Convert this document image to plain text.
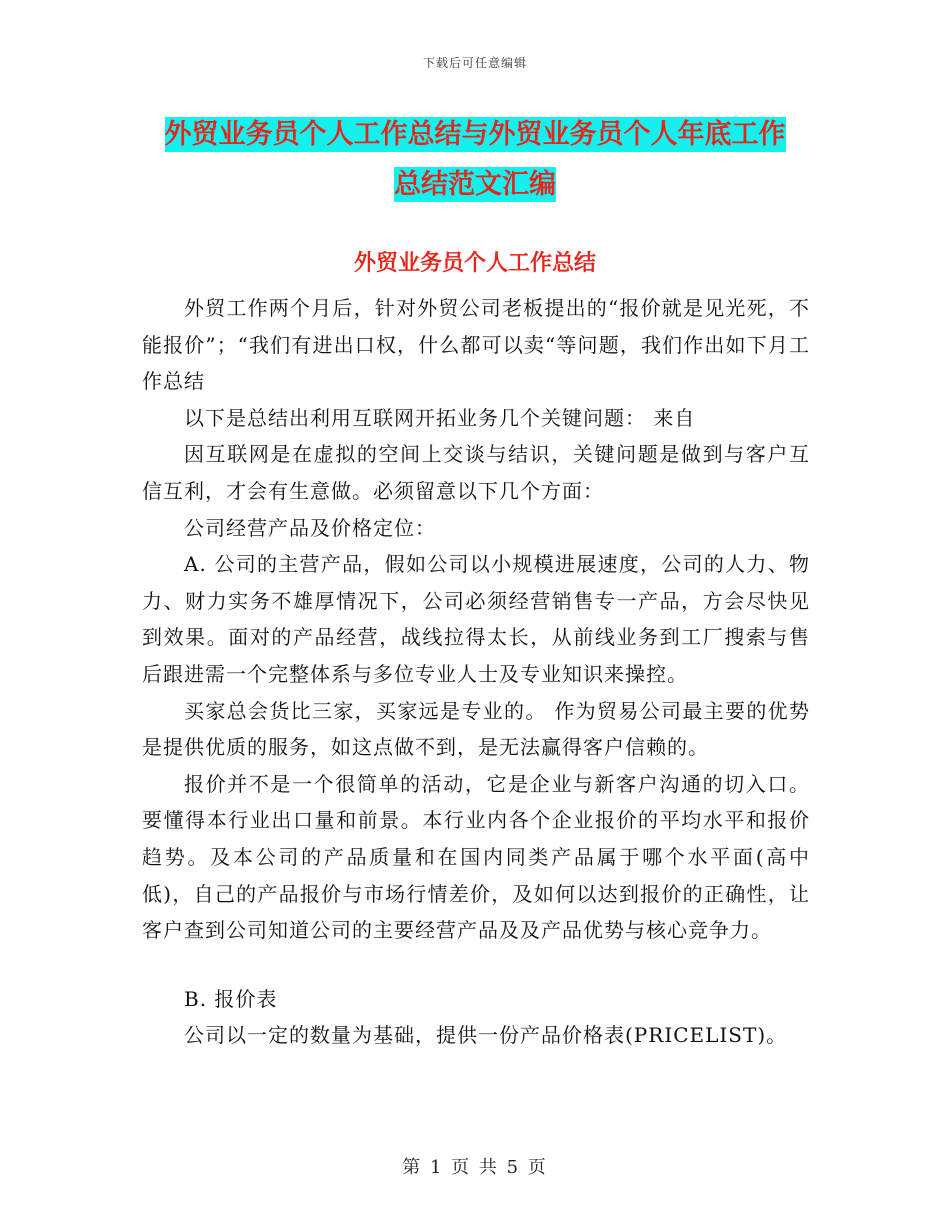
下载后可任意编辑
外贸业务员个人工作总结与外贸业务员个人年底工作
总结范文汇编
外贸业务员个人工作总结

外贸工作两个月后，针对外贸公司老板提出的“报价就是见光死，不能报价”；“我们有进出口权，什么都可以卖“等问题，我们作出如下月工作总结

以下是总结出利用互联网开拓业务几个关键问题： 来自

因互联网是在虚拟的空间上交谈与结识，关键问题是做到与客户互信互利，才会有生意做。必须留意以下几个方面：

公司经营产品及价格定位：

A. 公司的主营产品，假如公司以小规模进展速度，公司的人力、物力、财力实务不雄厚情况下，公司必须经营销售专一产品，方会尽快见到效果。面对的产品经营，战线拉得太长，从前线业务到工厂搜索与售后跟进需一个完整体系与多位专业人士及专业知识来操控。

买家总会货比三家，买家远是专业的。 作为贸易公司最主要的优势是提供优质的服务，如这点做不到，是无法赢得客户信赖的。

报价并不是一个很简单的活动，它是企业与新客户沟通的切入口。要懂得本行业出口量和前景。本行业内各个企业报价的平均水平和报价趋势。及本公司的产品质量和在国内同类产品属于哪个水平面(高中低)，自己的产品报价与市场行情差价，及如何以达到报价的正确性，让客户查到公司知道公司的主要经营产品及及产品优势与核心竞争力。

B. 报价表

公司以一定的数量为基础，提供一份产品价格表(PRICELIST)。

第 1 页 共 5 页
